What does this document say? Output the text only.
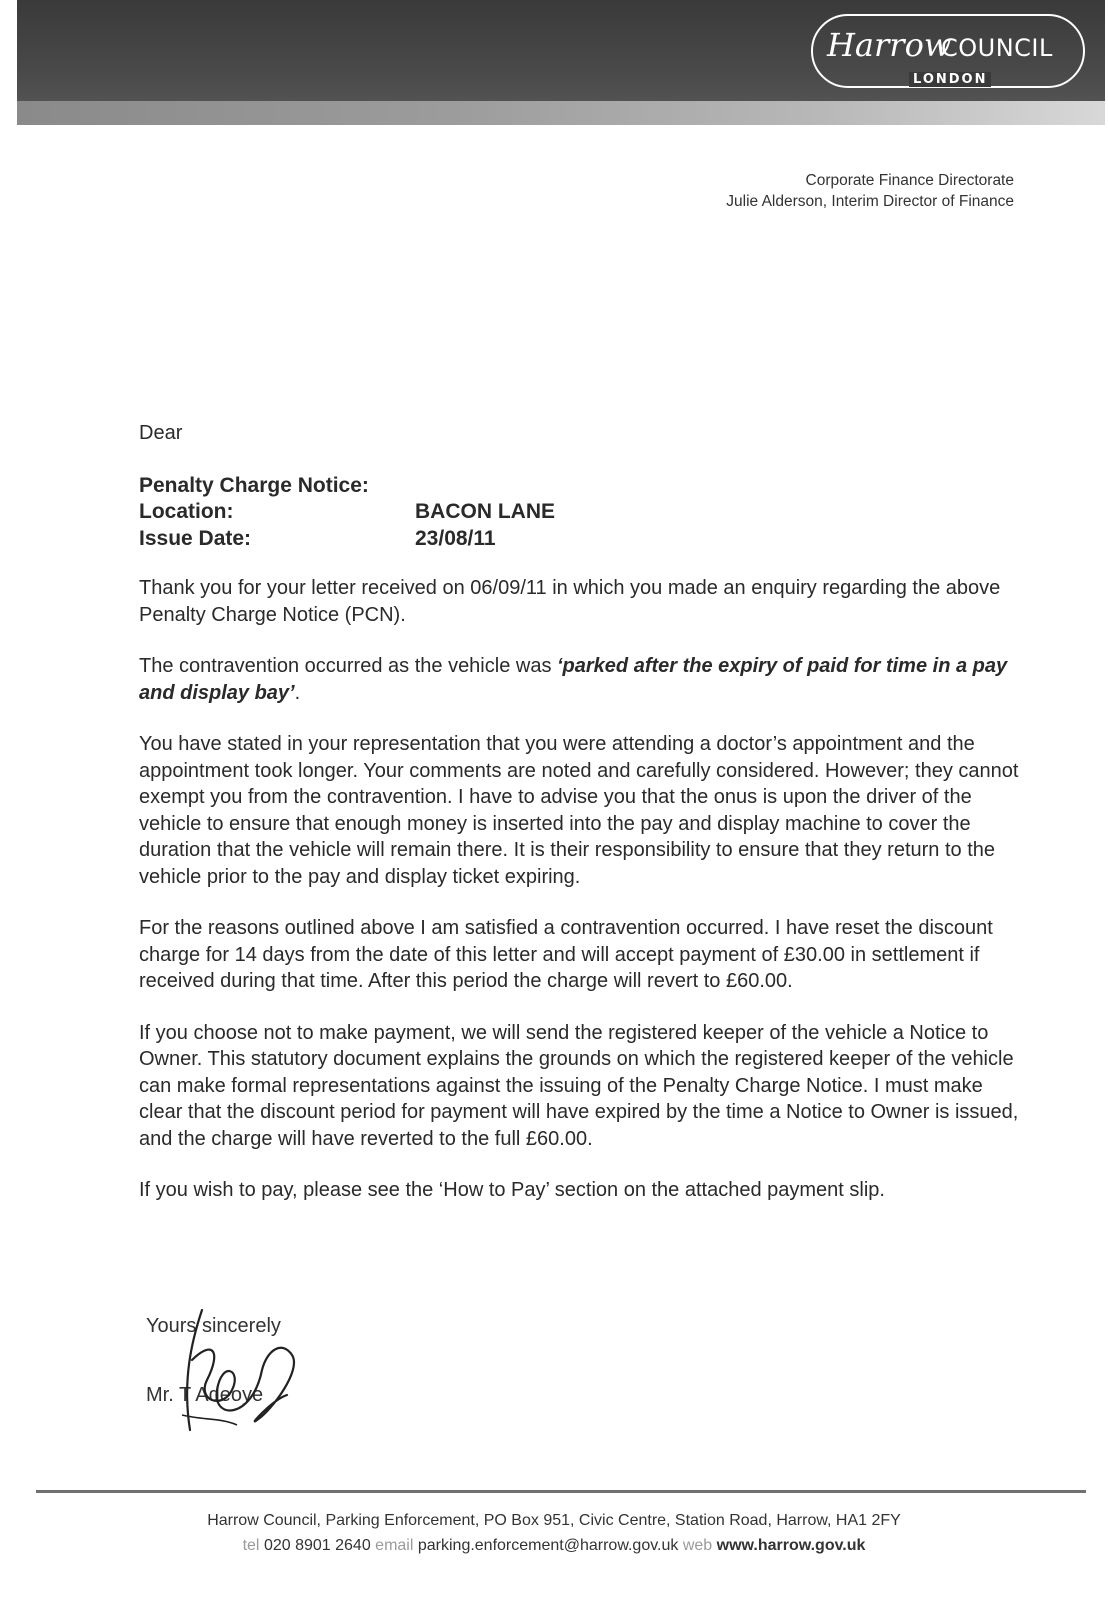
Harrow
COUNCIL
LONDON
Corporate Finance Directorate
Julie Alderson, Interim Director of Finance
Dear
Penalty Charge Notice:
Location:	BACON LANE
Issue Date:	23/08/11

Thank you for your letter received on 06/09/11 in which you made an enquiry regarding the above Penalty Charge Notice (PCN).

The contravention occurred as the vehicle was ‘parked after the expiry of paid for time in a pay and display bay’.

You have stated in your representation that you were attending a doctor’s appointment and the appointment took longer. Your comments are noted and carefully considered. However; they cannot exempt you from the contravention. I have to advise you that the onus is upon the driver of the vehicle to ensure that enough money is inserted into the pay and display machine to cover the duration that the vehicle will remain there. It is their responsibility to ensure that they return to the vehicle prior to the pay and display ticket expiring.

For the reasons outlined above I am satisfied a contravention occurred. I have reset the discount charge for 14 days from the date of this letter and will accept payment of £30.00 in settlement if received during that time. After this period the charge will revert to £60.00.

If you choose not to make payment, we will send the registered keeper of the vehicle a Notice to Owner. This statutory document explains the grounds on which the registered keeper of the vehicle can make formal representations against the issuing of the Penalty Charge Notice. I must make clear that the discount period for payment will have expired by the time a Notice to Owner is issued, and the charge will have reverted to the full £60.00.

If you wish to pay, please see the ‘How to Pay’ section on the attached payment slip.

Yours sincerely
Mr. T Adeoye
Harrow Council, Parking Enforcement, PO Box 951, Civic Centre, Station Road, Harrow, HA1 2FY
tel 020 8901 2640 email parking.enforcement@harrow.gov.uk web www.harrow.gov.uk
